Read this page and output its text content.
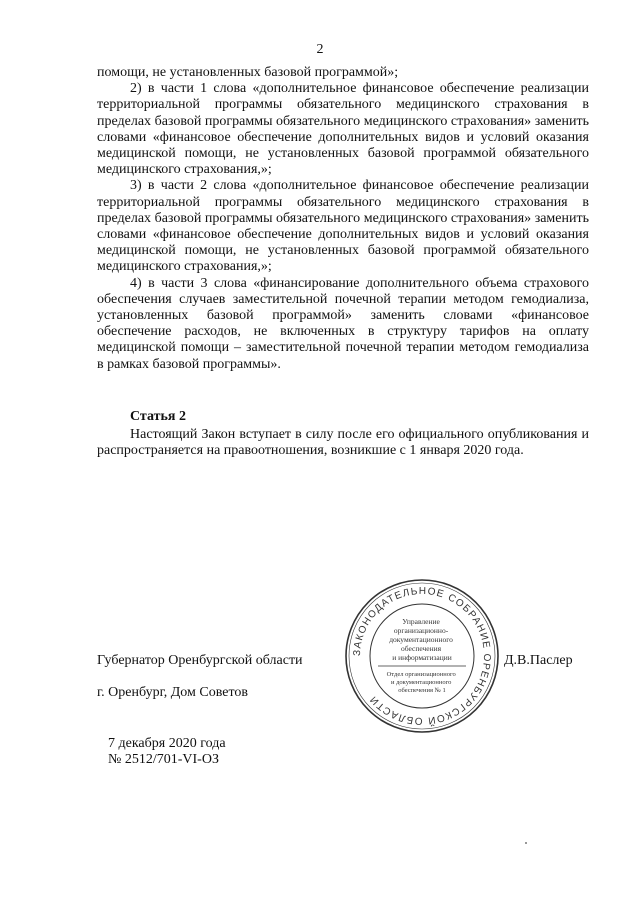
2

помощи, не установленных базовой программой»;

2) в части 1 слова «дополнительное финансовое обеспечение реализации территориальной программы обязательного медицинского страхования в пределах базовой программы обязательного медицинского страхования» заменить словами «финансовое обеспечение дополнительных видов и условий оказания медицинской помощи, не установленных базовой программой обязательного медицинского страхования,»;

3) в части 2 слова «дополнительное финансовое обеспечение реализации территориальной программы обязательного медицинского страхования в пределах базовой программы обязательного медицинского страхования» заменить словами «финансовое обеспечение дополнительных видов и условий оказания медицинской помощи, не установленных базовой программой обязательного медицинского страхования,»;

4) в части 3 слова «финансирование дополнительного объема страхового обеспечения случаев заместительной почечной терапии методом гемодиализа, установленных базовой программой» заменить словами «финансовое обеспечение расходов, не включенных в структуру тарифов на оплату медицинской помощи – заместительной почечной терапии методом гемодиализа в рамках базовой программы».

Статья 2

Настоящий Закон вступает в силу после его официального опубликования и распространяется на правоотношения, возникшие с 1 января 2020 года.

Губернатор Оренбургской области	Д.В.Паслер
г. Оренбург, Дом Советов
7 декабря 2020 года
№ 2512/701-VI-ОЗ
ЗАКОНОДАТЕЛЬНОЕ СОБРАНИЕ ОРЕНБУРГСКОЙ ОБЛАСТИ
Управление организационно- документационного обеспечения и информатизации
Отдел организационного и документационного обеспечения № 1
